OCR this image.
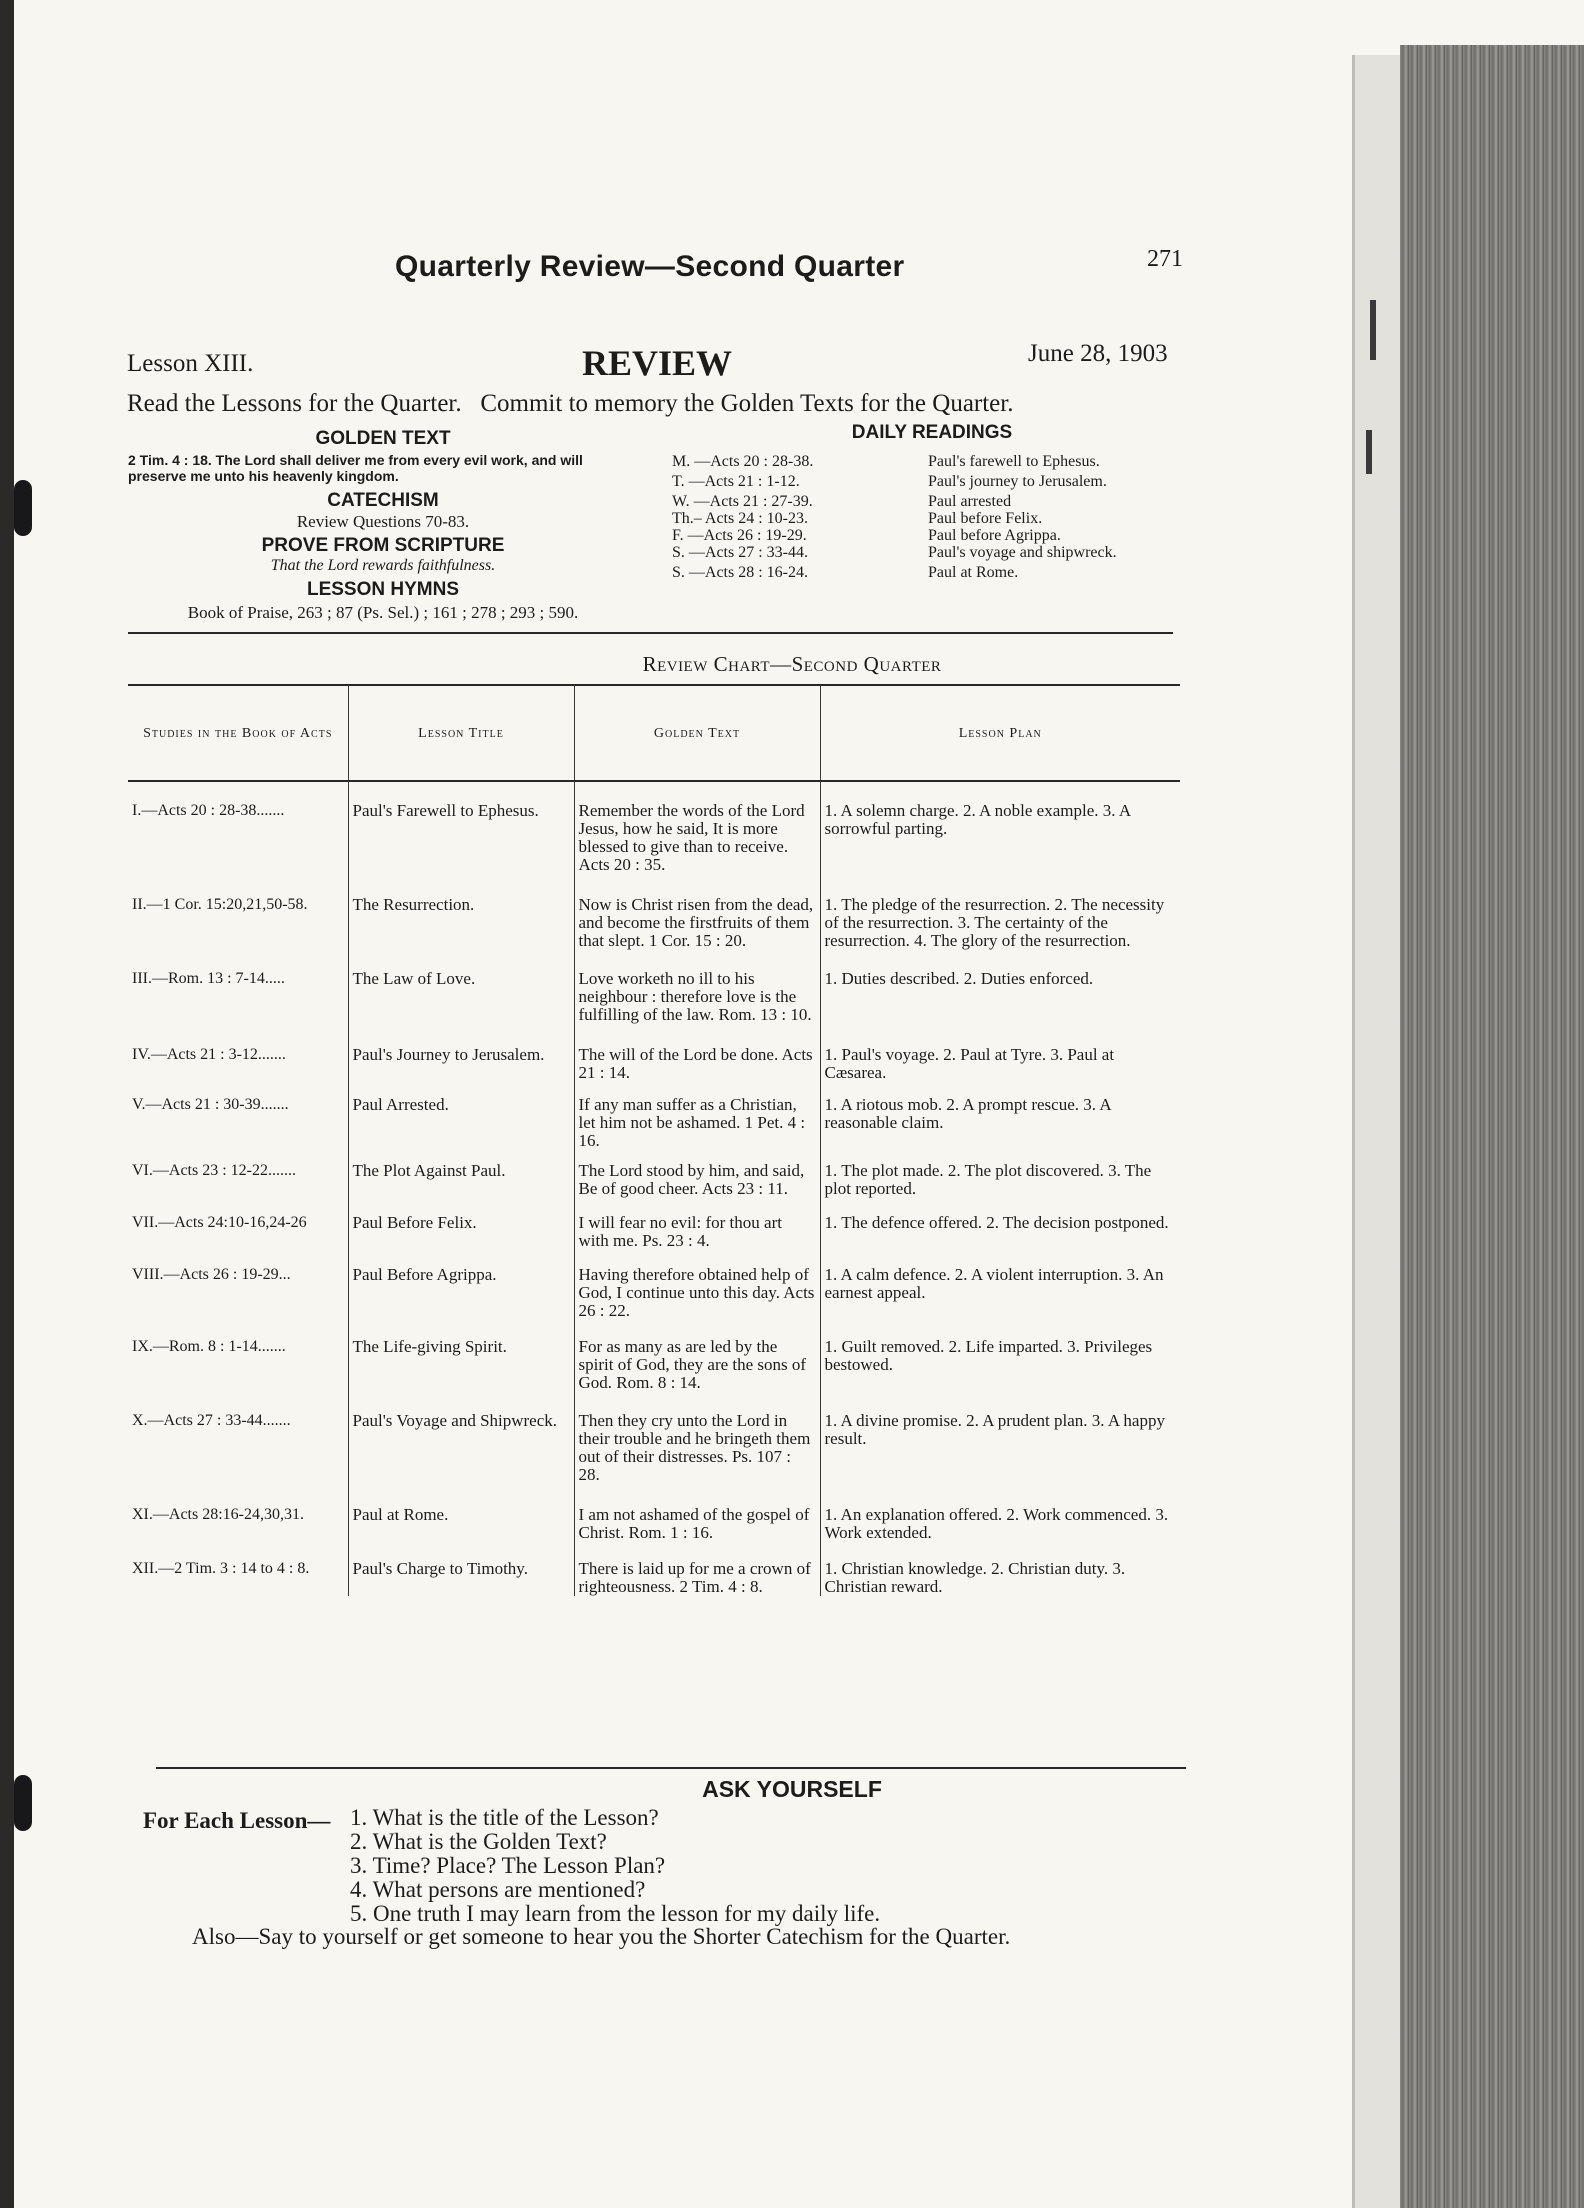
Quarterly Review—Second Quarter	271
Lesson XIII.	REVIEW	June 28, 1903
Read the Lessons for the Quarter.   Commit to memory the Golden Texts for the Quarter.

GOLDEN TEXT

2 Tim. 4 : 18. The Lord shall deliver me from every evil work, and will preserve me unto his heavenly kingdom.

CATECHISM

Review Questions 70-83.

PROVE FROM SCRIPTURE

That the Lord rewards faithfulness.

LESSON HYMNS

Book of Praise, 263 ; 87 (Ps. Sel.) ; 161 ; 278 ; 293 ; 590.
DAILY READINGS
M. —Acts 20 : 28-38.	Paul's farewell to Ephesus.
T. —Acts 21 : 1-12.	Paul's journey to Jerusalem.
W. —Acts 21 : 27-39.	Paul arrested
Th.– Acts 24 : 10-23.	Paul before Felix.
F. —Acts 26 : 19-29.	Paul before Agrippa.
S. —Acts 27 : 33-44.	Paul's voyage and shipwreck.
S. —Acts 28 : 16-24.	Paul at Rome.
Review Chart—Second Quarter
Studies in the Book of Acts	Lesson Title	Golden Text	Lesson Plan

I.—Acts 20 : 28-38.......	Paul's Farewell to Ephesus.	Remember the words of the Lord Jesus, how he said, It is more blessed to give than to receive. Acts 20 : 35.	1. A solemn charge. 2. A noble example. 3. A sorrowful parting.

II.—1 Cor. 15:20,21,50-58.	The Resurrection.	Now is Christ risen from the dead, and become the firstfruits of them that slept. 1 Cor. 15 : 20.	1. The pledge of the resurrection. 2. The necessity of the resurrection. 3. The certainty of the resurrection. 4. The glory of the resurrection.

III.—Rom. 13 : 7-14.....	The Law of Love.	Love worketh no ill to his neighbour : therefore love is the fulfilling of the law. Rom. 13 : 10.	1. Duties described. 2. Duties enforced.

IV.—Acts 21 : 3-12.......	Paul's Journey to Jerusalem.	The will of the Lord be done. Acts 21 : 14.	1. Paul's voyage. 2. Paul at Tyre. 3. Paul at Cæsarea.

V.—Acts 21 : 30-39.......	Paul Arrested.	If any man suffer as a Christian, let him not be ashamed. 1 Pet. 4 : 16.	1. A riotous mob. 2. A prompt rescue. 3. A reasonable claim.

VI.—Acts 23 : 12-22.......	The Plot Against Paul.	The Lord stood by him, and said, Be of good cheer. Acts 23 : 11.	1. The plot made. 2. The plot discovered. 3. The plot reported.

VII.—Acts 24:10-16,24-26	Paul Before Felix.	I will fear no evil: for thou art with me. Ps. 23 : 4.	1. The defence offered. 2. The decision postponed.

VIII.—Acts 26 : 19-29...	Paul Before Agrippa.	Having therefore obtained help of God, I continue unto this day. Acts 26 : 22.	1. A calm defence. 2. A violent interruption. 3. An earnest appeal.

IX.—Rom. 8 : 1-14.......	The Life-giving Spirit.	For as many as are led by the spirit of God, they are the sons of God. Rom. 8 : 14.	1. Guilt removed. 2. Life imparted. 3. Privileges bestowed.

X.—Acts 27 : 33-44.......	Paul's Voyage and Shipwreck.	Then they cry unto the Lord in their trouble and he bringeth them out of their distresses. Ps. 107 : 28.	1. A divine promise. 2. A prudent plan. 3. A happy result.

XI.—Acts 28:16-24,30,31.	Paul at Rome.	I am not ashamed of the gospel of Christ. Rom. 1 : 16.	1. An explanation offered. 2. Work commenced. 3. Work extended.

XII.—2 Tim. 3 : 14 to 4 : 8.	Paul's Charge to Timothy.	There is laid up for me a crown of righteousness. 2 Tim. 4 : 8.	1. Christian knowledge. 2. Christian duty. 3. Christian reward.
ASK YOURSELF
For Each Lesson— 1. What is the title of the Lesson?
2. What is the Golden Text?
3. Time? Place? The Lesson Plan?
4. What persons are mentioned?
5. One truth I may learn from the lesson for my daily life.
Also—Say to yourself or get someone to hear you the Shorter Catechism for the Quarter.
